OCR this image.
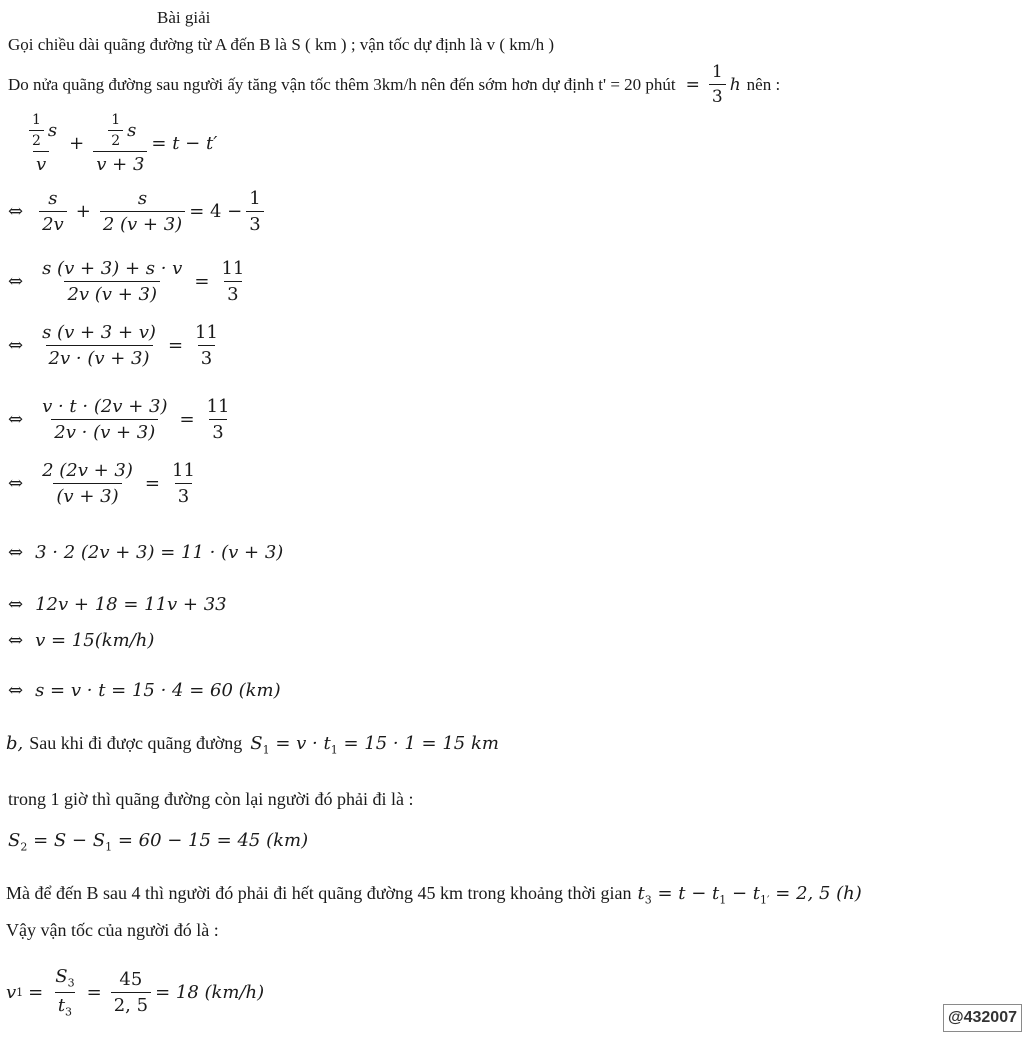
Bài giải
Gọi chiều dài quãng đường từ A đến B là S ( km ) ; vận tốc dự định là v ( km/h )
Do nửa quãng đường sau người ấy tăng vận tốc thêm 3km/h nên đến sớm hơn dự định t' = 20 phút = $\frac{1}{3}$ h nên :
$\frac{\frac{1}{2} s}{v} + \frac{\frac{1}{2} s}{v + 3} = t - t'$
⇔ $\frac{s}{2v} + \frac{s}{2 (v + 3)} = 4 - \frac{1}{3}$
⇔ $\frac{s (v + 3) + s \cdot v}{2v (v + 3)} = \frac{11}{3}$
⇔ $\frac{s (v + 3 + v)}{2v \cdot (v + 3)} = \frac{11}{3}$
⇔ $\frac{v \cdot t \cdot (2v + 3)}{2v \cdot (v + 3)} = \frac{11}{3}$
⇔ $\frac{2 (2v + 3)}{(v + 3)} = \frac{11}{3}$
⇔ 3 · 2 (2v + 3) = 11 · (v + 3)
⇔ 12v + 18 = 11v + 33
⇔ v = 15(km/h)
⇔ s = v · t = 15 · 4 = 60 (km)
b, Sau khi đi được quãng đường $S_1 = v \cdot t_1 = 15 \cdot 1 = 15$ km
trong 1 giờ thì quãng đường còn lại người đó phải đi là :
$S_2 = S - S_1 = 60 - 15 = 45$ (km)
Mà để đến B sau 4 thì người đó phải đi hết quãng đường 45 km trong khoảng thời gian $t_3 = t - t_1 - t_{1'} = 2$, 5 (h)
Vậy vận tốc của người đó là :
v $1 = \frac{S_3}{t_3} = \frac{45}{2, 5} = 18$ (km/h)
@432007
